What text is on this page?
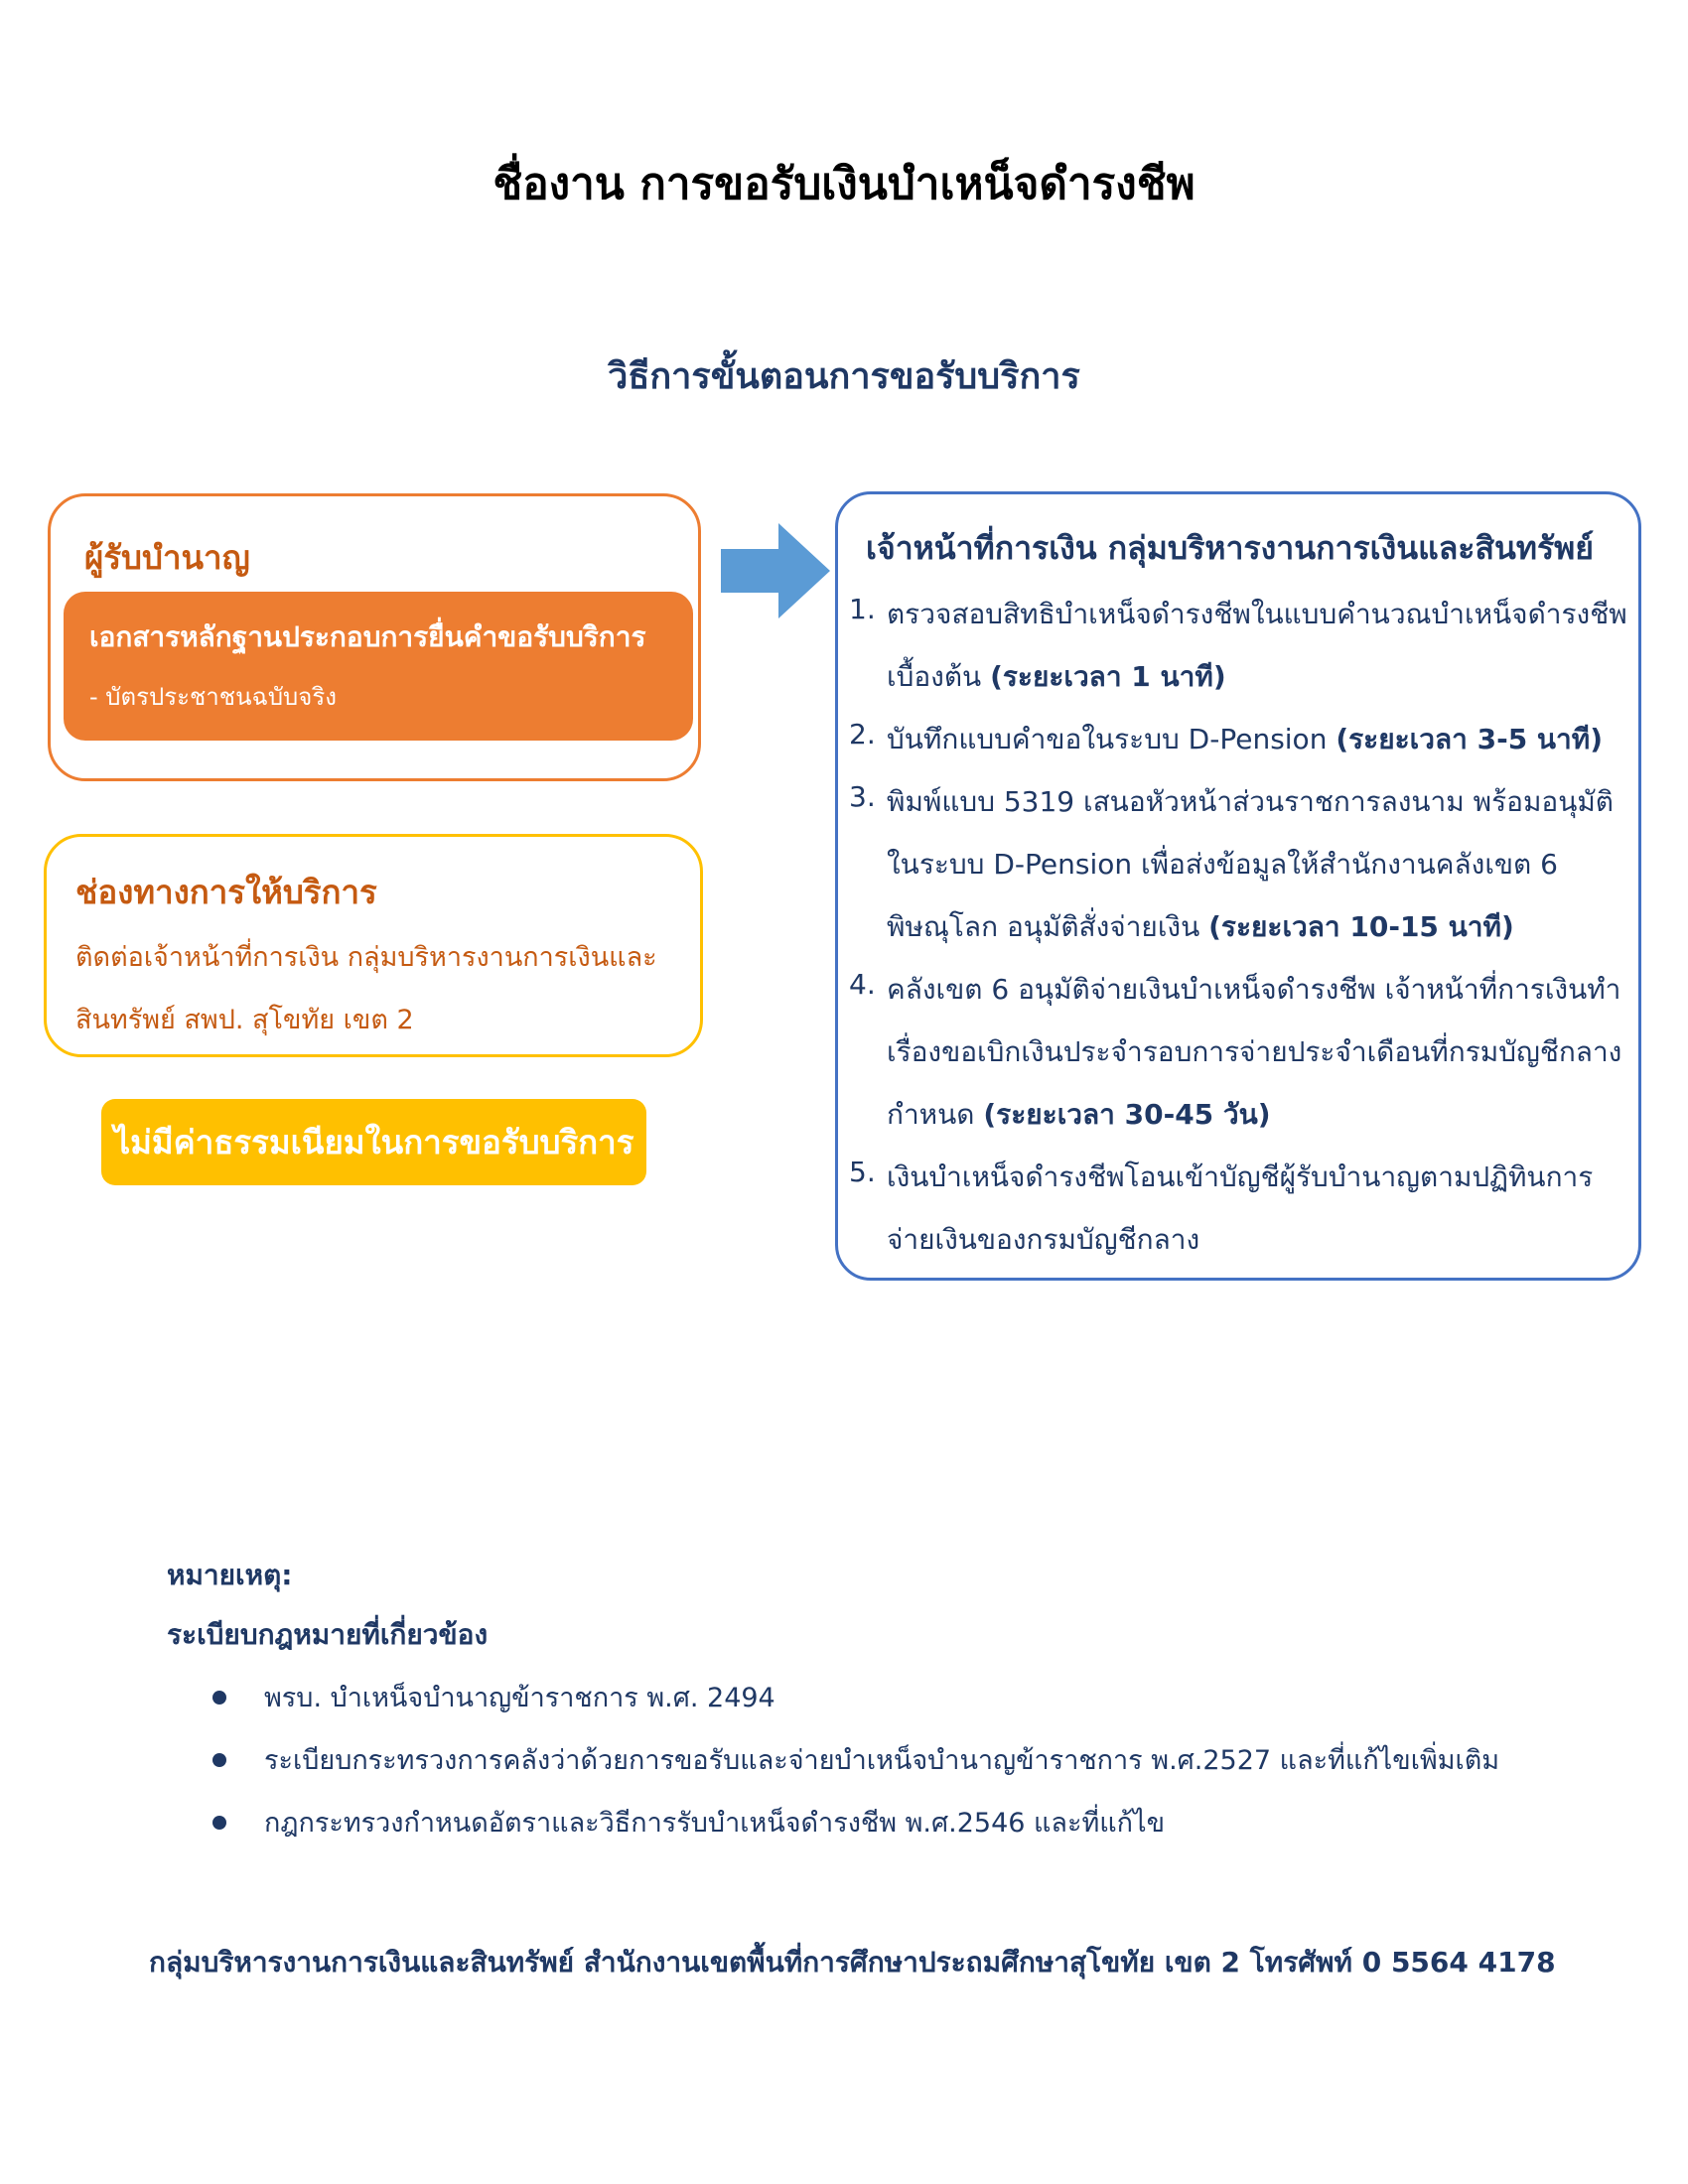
ชื่องาน การขอรับเงินบำเหน็จดำรงชีพ
วิธีการขั้นตอนการขอรับบริการ
ผู้รับบำนาญ
เอกสารหลักฐานประกอบการยื่นคำขอรับบริการ
- บัตรประชาชนฉบับจริง
ช่องทางการให้บริการ
ติดต่อเจ้าหน้าที่การเงิน กลุ่มบริหารงานการเงินและ
สินทรัพย์ สพป. สุโขทัย เขต 2
ไม่มีค่าธรรมเนียมในการขอรับบริการ
เจ้าหน้าที่การเงิน กลุ่มบริหารงานการเงินและสินทรัพย์
1. ตรวจสอบสิทธิบำเหน็จดำรงชีพในแบบคำนวณบำเหน็จดำรงชีพ
เบื้องต้น (ระยะเวลา 1 นาที)
2. บันทึกแบบคำขอในระบบ D-Pension (ระยะเวลา 3-5 นาที)
3. พิมพ์แบบ 5319 เสนอหัวหน้าส่วนราชการลงนาม พร้อมอนุมัติ
ในระบบ D-Pension เพื่อส่งข้อมูลให้สำนักงานคลังเขต 6
พิษณุโลก อนุมัติสั่งจ่ายเงิน (ระยะเวลา 10-15 นาที)
4. คลังเขต 6 อนุมัติจ่ายเงินบำเหน็จดำรงชีพ เจ้าหน้าที่การเงินทำ
เรื่องขอเบิกเงินประจำรอบการจ่ายประจำเดือนที่กรมบัญชีกลาง
กำหนด (ระยะเวลา 30-45 วัน)
5. เงินบำเหน็จดำรงชีพโอนเข้าบัญชีผู้รับบำนาญตามปฏิทินการ
จ่ายเงินของกรมบัญชีกลาง
หมายเหตุ:
ระเบียบกฎหมายที่เกี่ยวข้อง
พรบ. บำเหน็จบำนาญข้าราชการ พ.ศ. 2494
ระเบียบกระทรวงการคลังว่าด้วยการขอรับและจ่ายบำเหน็จบำนาญข้าราชการ พ.ศ.2527 และที่แก้ไขเพิ่มเติม
กฎกระทรวงกำหนดอัตราและวิธีการรับบำเหน็จดำรงชีพ พ.ศ.2546 และที่แก้ไข
กลุ่มบริหารงานการเงินและสินทรัพย์ สำนักงานเขตพื้นที่การศึกษาประถมศึกษาสุโขทัย เขต 2 โทรศัพท์ 0 5564 4178
